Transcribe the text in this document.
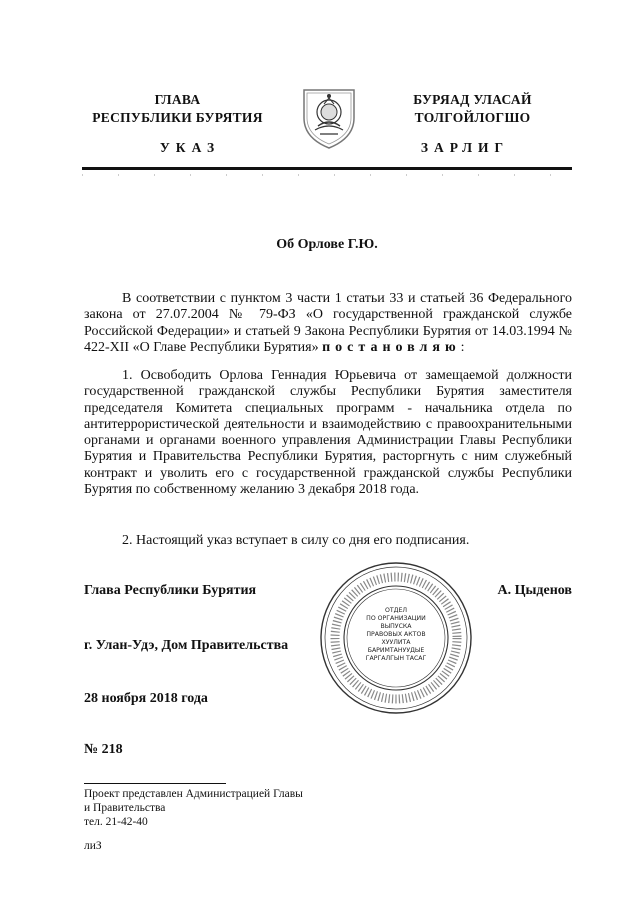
ГЛАВА
РЕСПУБЛИКИ БУРЯТИЯ
БУРЯАД УЛАСАЙ
ТОЛГОЙЛОГШО
УКАЗ	ЗАРЛИГ
Об Орлове Г.Ю.
В соответствии с пунктом 3 части 1 статьи 33 и статьей 36 Федерального закона от 27.07.2004 № 79-ФЗ «О государственной гражданской службе Российской Федерации» и статьей 9 Закона Республики Бурятия от 14.03.1994 № 422-XII «О Главе Республики Бурятия» постановляю:
1. Освободить Орлова Геннадия Юрьевича от замещаемой должности государственной гражданской службы Республики Бурятия заместителя председателя Комитета специальных программ - начальника отдела по антитеррористической деятельности и взаимодействию с правоохранительными органами и органами военного управления Администрации Главы Республики Бурятия и Правительства Республики Бурятия, расторгнуть с ним служебный контракт и уволить его с государственной гражданской службы Республики Бурятия по собственному желанию 3 декабря 2018 года.
2. Настоящий указ вступает в силу со дня его подписания.
Глава Республики Бурятия	А. Цыденов
г. Улан-Удэ, Дом Правительства
28 ноября 2018 года
№ 218
ОТДЕЛ
ПО ОРГАНИЗАЦИИ
ВЫПУСКА
ПРАВОВЫХ АКТОВ
ХУУЛИТА
БАРИМТАНУУДЫЕ
ГАРГАЛГЫН ТАСАГ
Проект представлен Администрацией Главы
и Правительства
тел. 21-42-40
лиЗ
